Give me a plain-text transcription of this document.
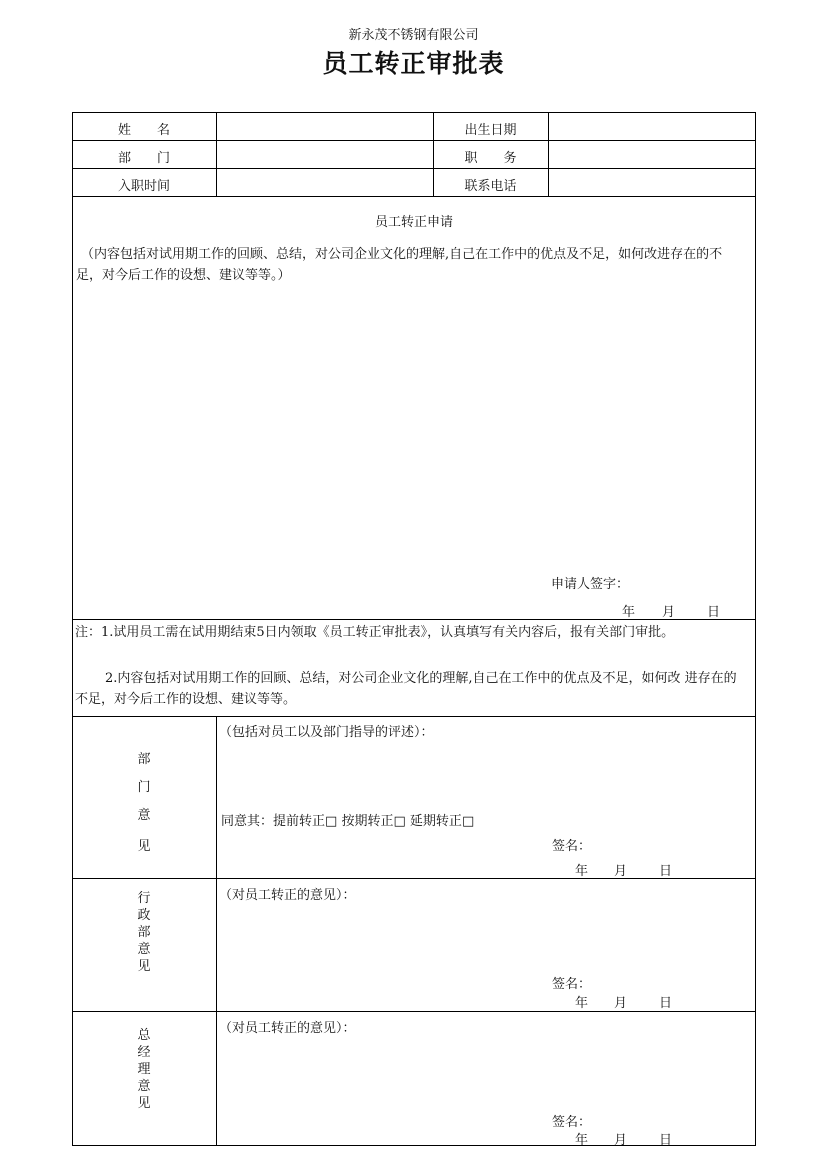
新永茂不锈钢有限公司
员工转正审批表
姓　　名	出生日期
部　　门	职　　务
入职时间	联系电话
员工转正申请
（内容包括对试用期工作的回顾、总结，对公司企业文化的理解,自己在工作中的优点及不足，如何改进存在的不足，对今后工作的设想、建议等等。）
申请人签字：
年 月 日
注：1.试用员工需在试用期结束5日内领取《员工转正审批表》，认真填写有关内容后，报有关部门审批。
2.内容包括对试用期工作的回顾、总结，对公司企业文化的理解,自己在工作中的优点及不足，如何改 进存在的不足，对今后工作的设想、建议等等。
部
门
意
见
（包括对员工以及部门指导的评述）：
同意其：提前转正□ 按期转正□ 延期转正□
签名：
年 月 日
行政部意见
（对员工转正的意见）：
签名：
年 月 日
总经理意见
（对员工转正的意见）：
签名：
年 月 日
